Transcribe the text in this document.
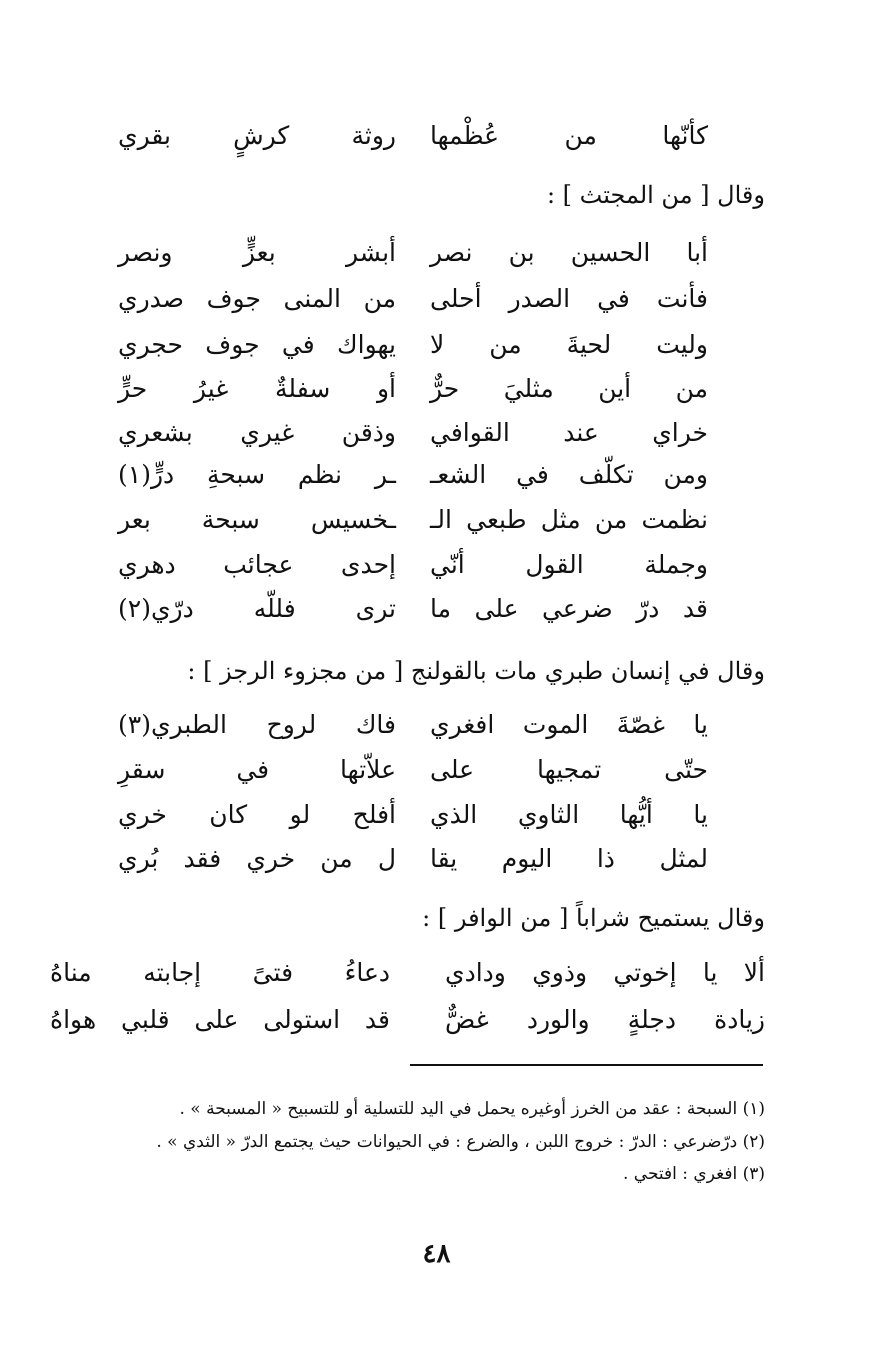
كأنّها من عُظْمها
روثة كرشٍ بقري
وقال [ من المجتث ] :
أبا الحسين بن نصر
أبشر بعزٍّ ونصر
فأنت في الصدر أحلى
من المنى جوف صدري
وليت لحيةَ من لا
يهواك في جوف حجري
من أين مثليَ حرٌّ
أو سفلةٌ غيرُ حرٍّ
خراي عند القوافي
وذقن غيري بشعري
ومن تكلّف في الشعـ
ـر نظم سبحةِ درٍّ(١)
نظمت من مثل طبعي الـ
ـخسيس سبحة بعر
وجملة القول أنّي
إحدى عجائب دهري
قد درّ ضرعي على ما
ترى فللّه درّي(٢)
وقال في إنسان طبري مات بالقولنج [ من مجزوء الرجز ] :
يا غصّةَ الموت افغري
فاك لروح الطبري(٣)
حتّى تمجيها على
علاّتها في سقرِ
يا أيُّها الثاوي الذي
أفلح لو كان خري
لمثل ذا اليوم يقا
ل من خري فقد بُري
وقال يستميح شراباً [ من الوافر ] :
ألا يا إخوتي وذوي ودادي
دعاءُ فتىً إجابته مناهُ
زيادة دجلةٍ والورد غضٌّ
قد استولى على قلبي هواهُ
(١) السبحة : عقد من الخرز أوغيره يحمل في اليد للتسلية أو للتسبيح « المسبحة » .
(٢) درّضرعي : الدرّ : خروج اللبن ، والضرع : في الحيوانات حيث يجتمع الدرّ « الثدي » .
(٣) افغري : افتحي .
٤٨
